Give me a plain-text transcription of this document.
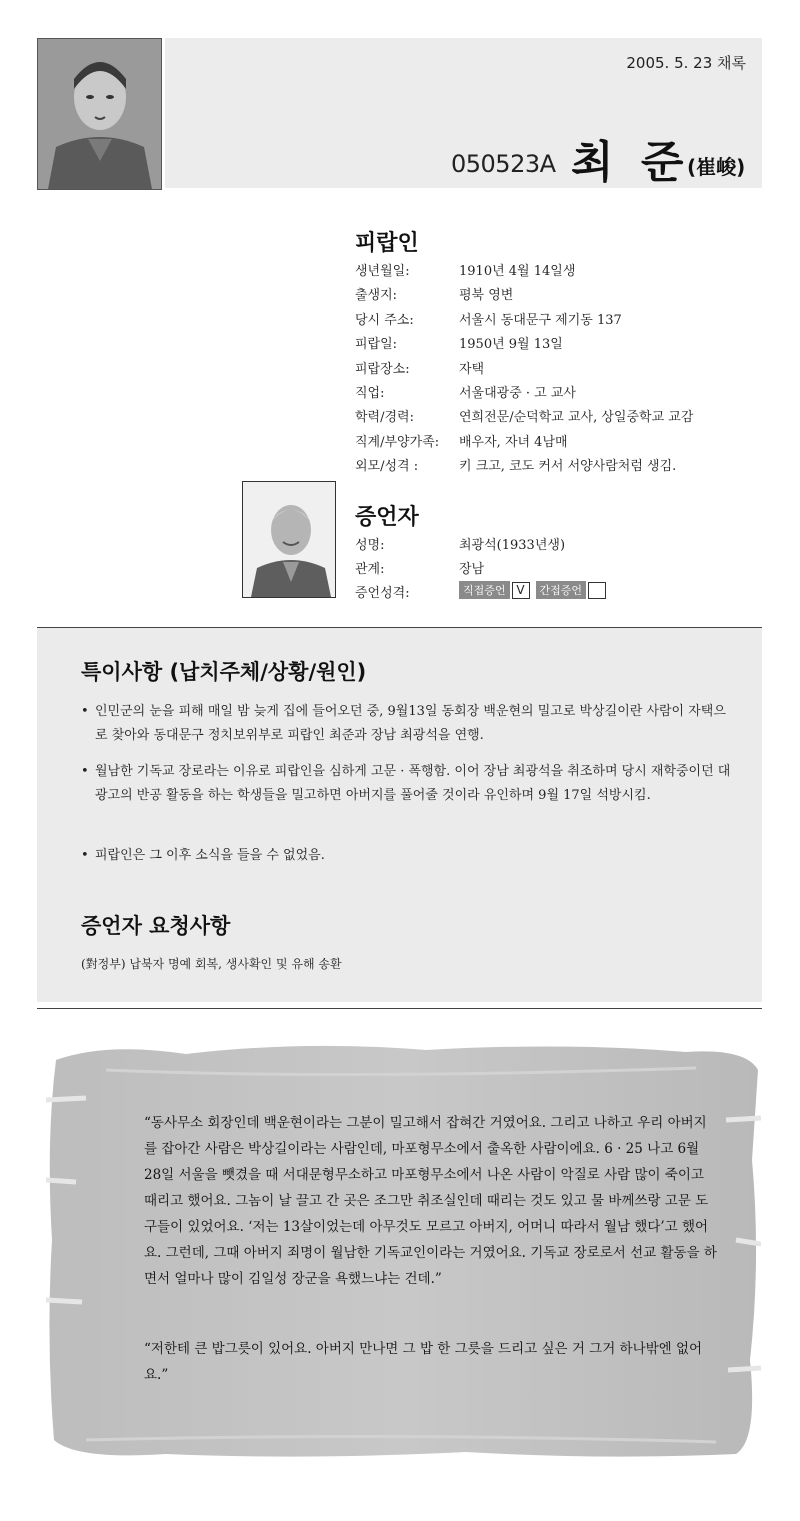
2005. 5. 23 채록
050523A 최 준
(崔峻)
피랍인
생년월일:	1910년 4월 14일생
출생지:	평북 영변
당시 주소:	서울시 동대문구 제기동 137
피랍일:	1950년 9월 13일
피랍장소:	자택
직업:	서울대광중 · 고 교사
학력/경력:	연희전문/순덕학교 교사, 상일중학교 교감
직계/부양가족: 배우자, 자녀 4남매
외모/성격 :	키 크고, 코도 커서 서양사람처럼 생김.
증언자
성명:	최광석(1933년생)
관계:	장남
증언성격:	직접증언 V 간접증언
특이사항 (납치주체/상황/원인)
• 인민군의 눈을 피해 매일 밤 늦게 집에 들어오던 중, 9월13일 동회장 백운현의 밀고로 박상길이란 사람이 자택으로 찾아와 동대문구 정치보위부로 피랍인 최준과 장남 최광석을 연행.
• 월남한 기독교 장로라는 이유로 피랍인을 심하게 고문 · 폭행함. 이어 장남 최광석을 취조하며 당시 재학중이던 대광고의 반공 활동을 하는 학생들을 밀고하면 아버지를 풀어줄 것이라 유인하며 9월 17일 석방시킴.
• 피랍인은 그 이후 소식을 들을 수 없었음.
증언자 요청사항
(對정부) 납북자 명예 회복, 생사확인 및 유해 송환
“동사무소 회장인데 백운현이라는 그분이 밀고해서 잡혀간 거였어요. 그리고 나하고 우리 아버지를 잡아간 사람은 박상길이라는 사람인데, 마포형무소에서 출옥한 사람이에요. 6 · 25 나고 6월 28일 서울을 뺏겼을 때 서대문형무소하고 마포형무소에서 나온 사람이 악질로 사람 많이 죽이고 때리고 했어요. 그놈이 날 끌고 간 곳은 조그만 취조실인데 때리는 것도 있고 물 바께쓰랑 고문 도구들이 있었어요. ‘저는 13살이었는데 아무것도 모르고 아버지, 어머니 따라서 월남 했다’고 했어요. 그런데, 그때 아버지 죄명이 월남한 기독교인이라는 거였어요. 기독교 장로로서 선교 활동을 하면서 얼마나 많이 김일성 장군을 욕했느냐는 건데.”
“저한테 큰 밥그릇이 있어요. 아버지 만나면 그 밥 한 그릇을 드리고 싶은 거 그거 하나밖엔 없어요.”
